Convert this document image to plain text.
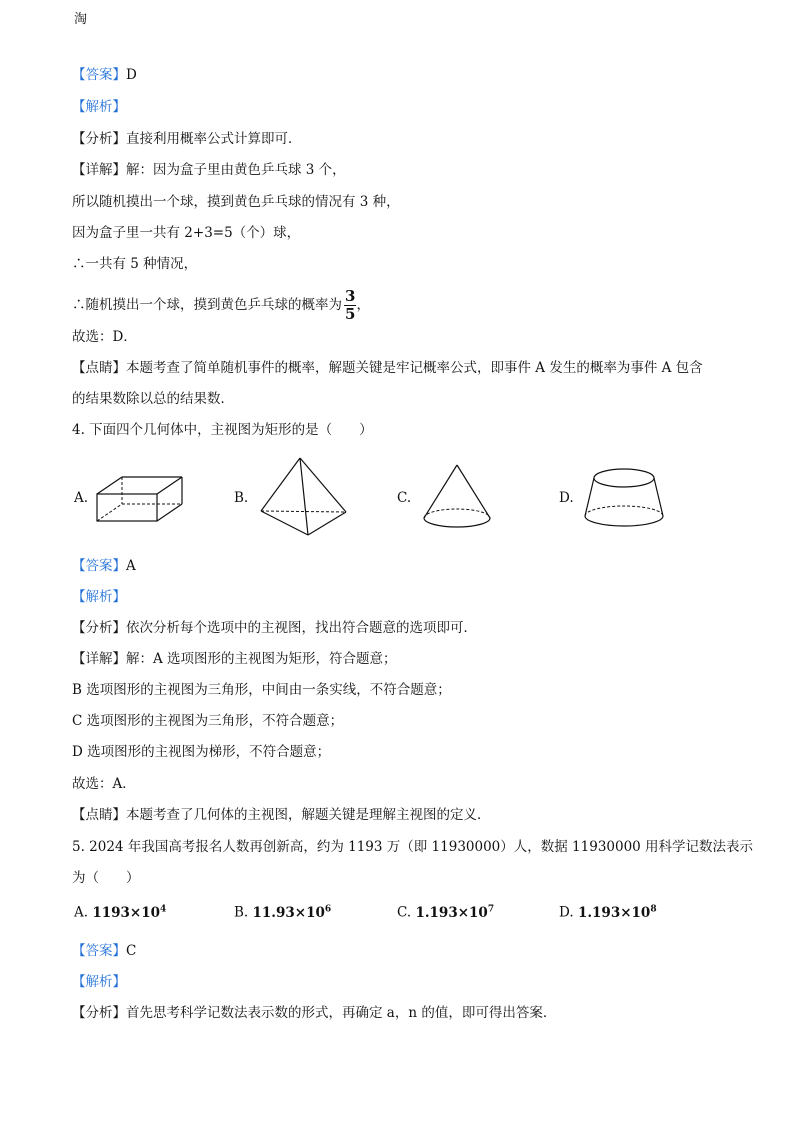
淘
【答案】D
【解析】
【分析】直接利用概率公式计算即可．
【详解】解：因为盒子里由黄色乒乓球 3 个，
所以随机摸出一个球，摸到黄色乒乓球的情况有 3 种，
因为盒子里一共有 2+3=5（个）球，
∴一共有 5 种情况，
∴随机摸出一个球，摸到黄色乒乓球的概率为 $\frac{3}{5}$ ，
故选：D．
【点睛】本题考查了简单随机事件的概率，解题关键是牢记概率公式，即事件 A 发生的概率为事件 A 包含
的结果数除以总的结果数．
4. 下面四个几何体中，主视图为矩形的是（　　）
A.	B.	C.	D.
【答案】A
【解析】
【分析】依次分析每个选项中的主视图，找出符合题意的选项即可．
【详解】解：A 选项图形的主视图为矩形，符合题意；
B 选项图形的主视图为三角形，中间由一条实线，不符合题意；
C 选项图形的主视图为三角形，不符合题意；
D 选项图形的主视图为梯形，不符合题意；
故选：A．
【点睛】本题考查了几何体的主视图，解题关键是理解主视图的定义．
5. 2024 年我国高考报名人数再创新高，约为 1193 万（即 11930000）人，数据 11930000 用科学记数法表示
为（　　）
A. $1193\times 10^4$	B. $11.93\times 10^6$	C. $1.193\times 10^7$	D. $1.193\times 10^8$
【答案】C
【解析】
【分析】首先思考科学记数法表示数的形式，再确定 a，n 的值，即可得出答案．
